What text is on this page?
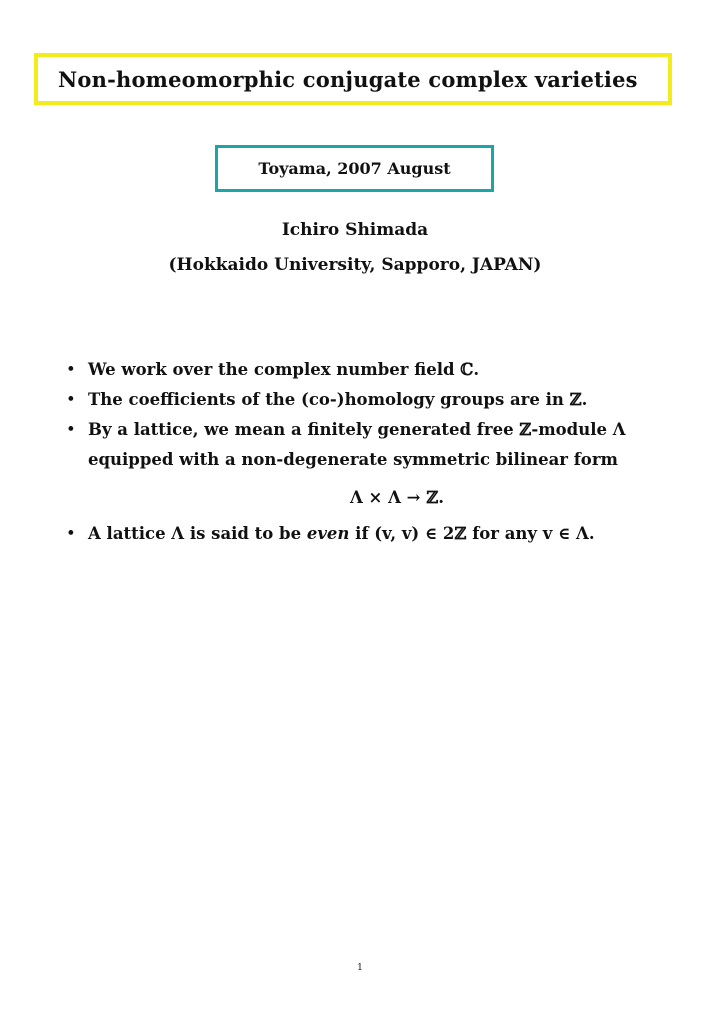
Non-homeomorphic conjugate complex varieties
Toyama, 2007 August
Ichiro Shimada
(Hokkaido University, Sapporo, JAPAN)
• We work over the complex number field ℂ.
• The coefficients of the (co-)homology groups are in ℤ.
• By a lattice, we mean a finitely generated free ℤ-module Λ
equipped with a non-degenerate symmetric bilinear form
Λ × Λ → ℤ.
• A lattice Λ is said to be even if (v, v) ∈ 2ℤ for any v ∈ Λ.
1
